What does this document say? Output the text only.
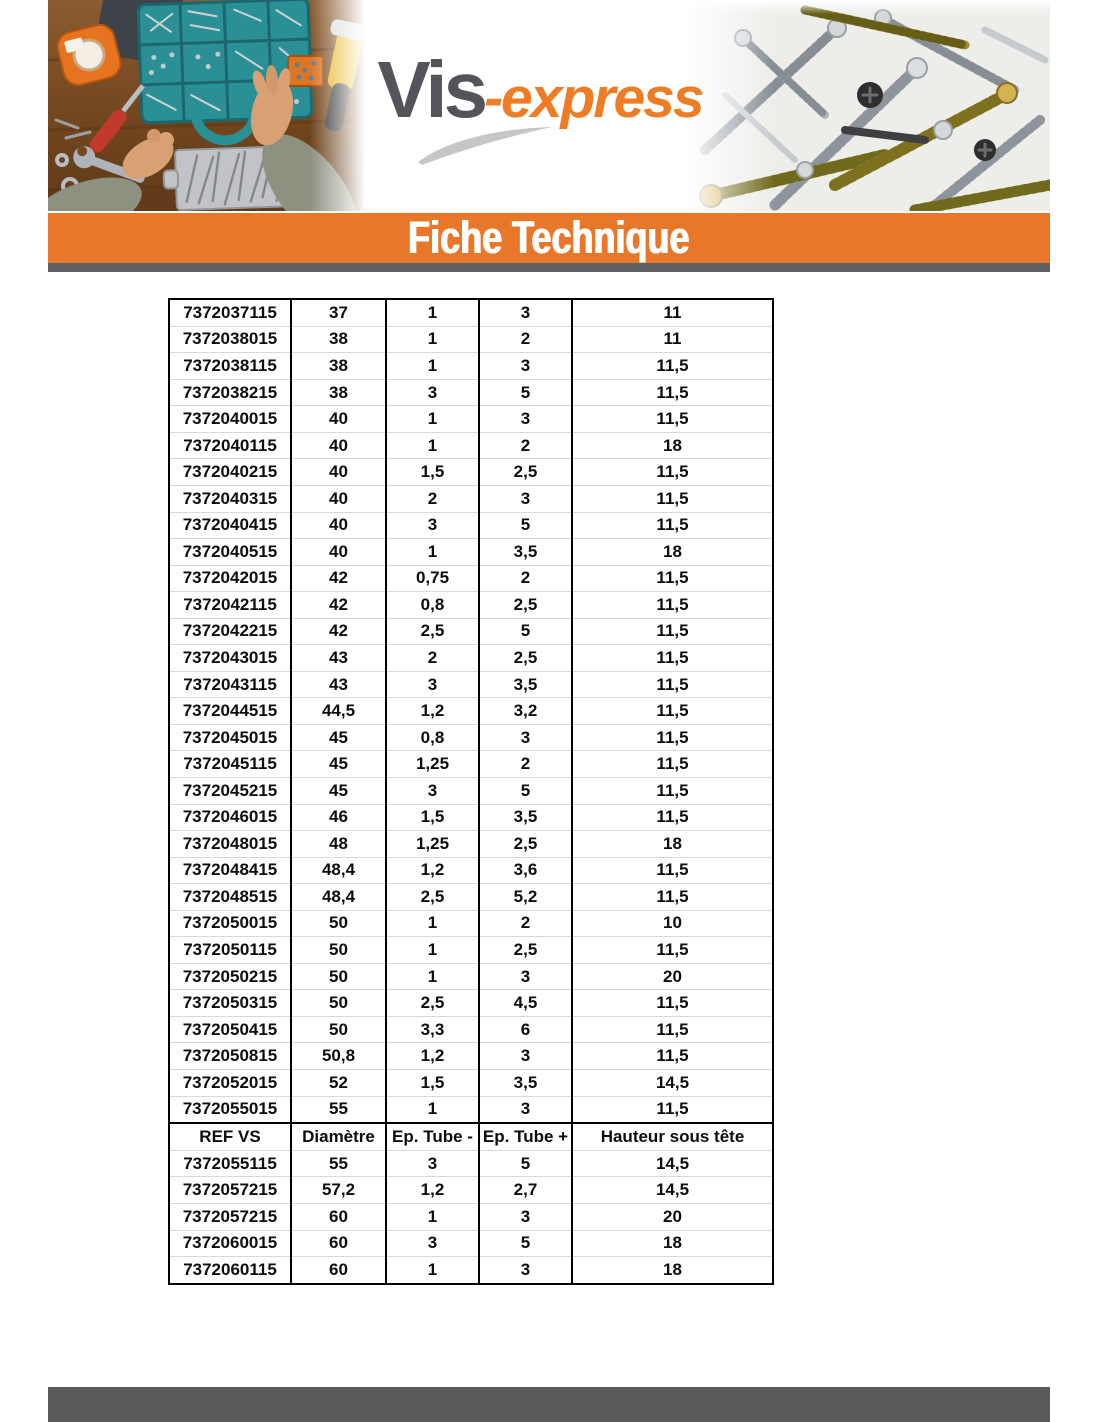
Vis -express
Fiche Technique
7372037115	37	1	3	11
7372038015	38	1	2	11
7372038115	38	1	3	11,5
7372038215	38	3	5	11,5
7372040015	40	1	3	11,5
7372040115	40	1	2	18
7372040215	40	1,5	2,5	11,5
7372040315	40	2	3	11,5
7372040415	40	3	5	11,5
7372040515	40	1	3,5	18
7372042015	42	0,75	2	11,5
7372042115	42	0,8	2,5	11,5
7372042215	42	2,5	5	11,5
7372043015	43	2	2,5	11,5
7372043115	43	3	3,5	11,5
7372044515	44,5	1,2	3,2	11,5
7372045015	45	0,8	3	11,5
7372045115	45	1,25	2	11,5
7372045215	45	3	5	11,5
7372046015	46	1,5	3,5	11,5
7372048015	48	1,25	2,5	18
7372048415	48,4	1,2	3,6	11,5
7372048515	48,4	2,5	5,2	11,5
7372050015	50	1	2	10
7372050115	50	1	2,5	11,5
7372050215	50	1	3	20
7372050315	50	2,5	4,5	11,5
7372050415	50	3,3	6	11,5
7372050815	50,8	1,2	3	11,5
7372052015	52	1,5	3,5	14,5
7372055015	55	1	3	11,5
REF VS	Diamètre	Ep. Tube -	Ep. Tube +	Hauteur sous tête
7372055115	55	3	5	14,5
7372057215	57,2	1,2	2,7	14,5
7372057215	60	1	3	20
7372060015	60	3	5	18
7372060115	60	1	3	18
